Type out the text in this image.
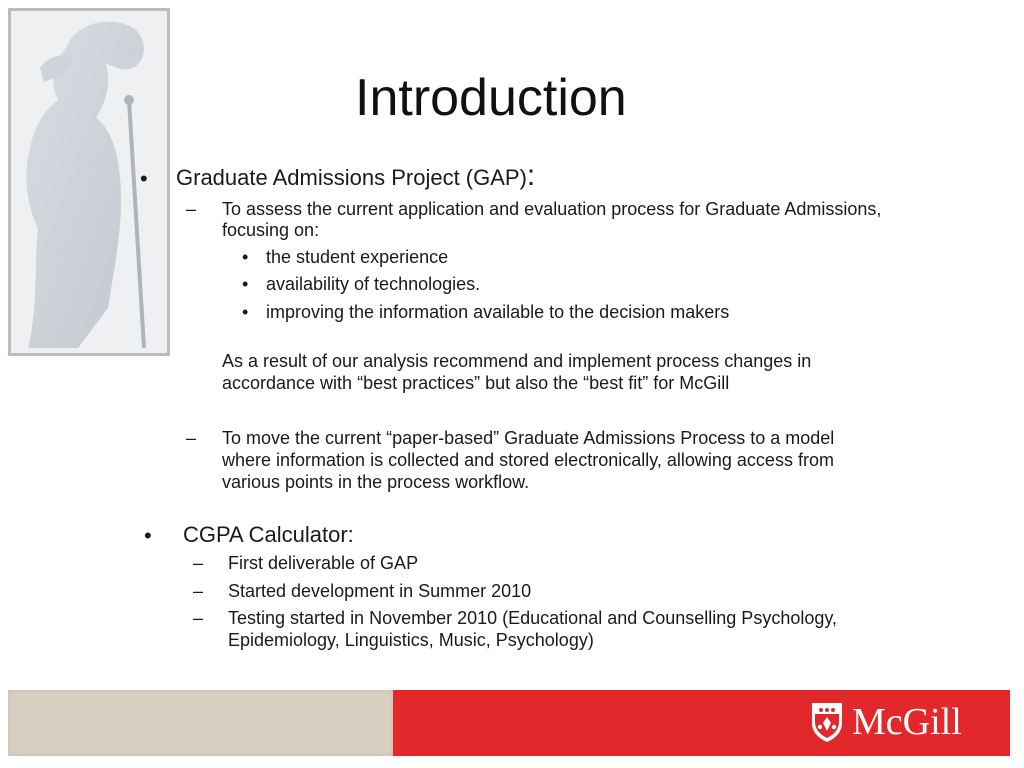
Introduction
• Graduate Admissions Project (GAP):
– To assess the current application and evaluation process for Graduate Admissions,
focusing on:
• the student experience
• availability of technologies.
• improving the information available to the decision makers
As a result of our analysis recommend and implement process changes in
accordance with “best practices” but also the “best fit” for McGill
– To move the current “paper-based” Graduate Admissions Process to a model
where information is collected and stored electronically, allowing access from
various points in the process workflow.
• CGPA Calculator:
– First deliverable of GAP
– Started development in Summer 2010
– Testing started in November 2010 (Educational and Counselling Psychology,
Epidemiology, Linguistics, Music, Psychology)
McGill
